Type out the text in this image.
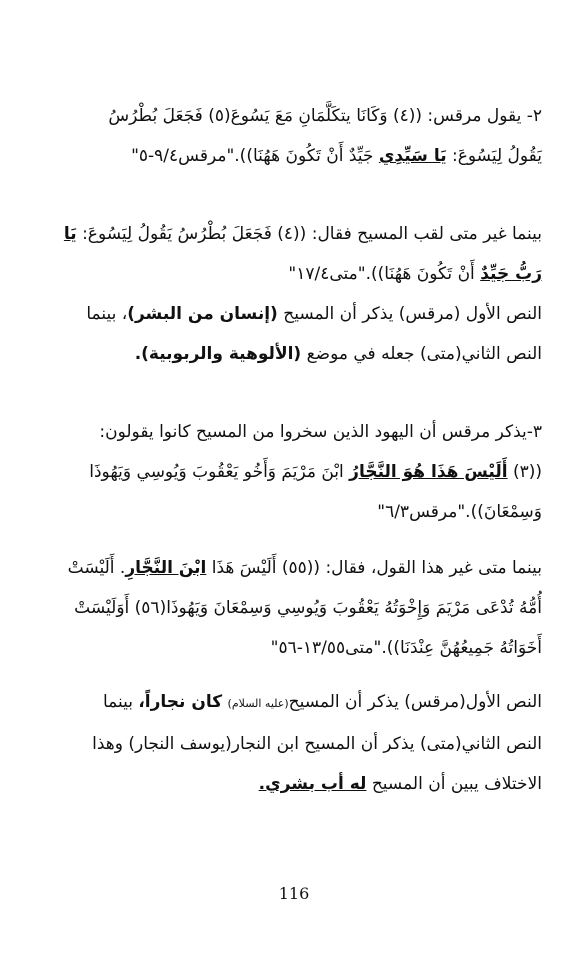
٢- يقول مرقس: ((٤) وَكَانَا يتكَلَّمَانِ مَعَ يَسُوعَ(٥) فَجَعَلَ بُطْرُسُ
يَقُولُ لِيَسُوعَ: يَا سَيِّدِي جَيِّدٌ أَنْ تَكُونَ هَهُنَا))."مرقس٩/٤-٥"
بينما غير متى لقب المسيح فقال: ((٤) فَجَعَلَ بُطْرُسُ يَقُولُ لِيَسُوعَ: يَا
رَبُّ جَيِّدٌ أَنْ تَكُونَ هَهُنَا))."متى١٧/٤"
النص الأول (مرقس) يذكر أن المسيح (إنسان من البشر)، بينما
النص الثاني(متى) جعله في موضع (الألوهية والربوبية).
٣-يذكر مرقس أن اليهود الذين سخروا من المسيح كانوا يقولون:
((٣) أَلَيْسَ هَذَا هُوَ النَّجَّارُ ابْنَ مَرْيَمَ وَأَخُو يَعْقُوبَ وَيُوسِي وَيَهُوذَا
وَسِمْعَانَ))."مرقس٦/٣"
بينما متى غير هذا القول، فقال: ((٥٥) أَلَيْسَ هَذَا ابْنَ النَّجَّارِ. أَلَيْسَتْ
أُمُّهُ تُدْعَى مَرْيَمَ وَإِخْوَتُهُ يَعْقُوبَ وَيُوسِي وَسِمْعَانَ وَيَهُوذَا(٥٦) أَوَلَيْسَتْ
أَخَوَاتُهُ جَمِيعُهُنَّ عِنْدَنَا))."متى١٣/٥٥-٥٦"
النص الأول(مرقس) يذكر أن المسيح(عليه السلام) كان نجاراً، بينما
النص الثاني(متى) يذكر أن المسيح ابن النجار(يوسف النجار) وهذا
الاختلاف يبين أن المسيح له أب بشري.
116
